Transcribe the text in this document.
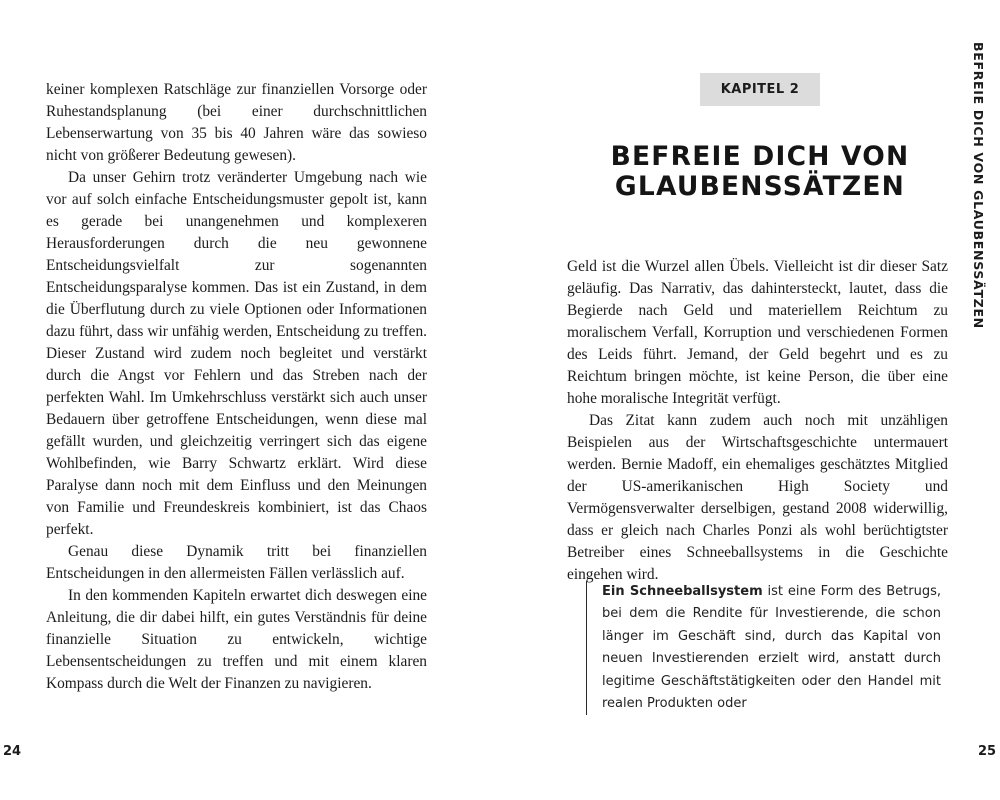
keiner komplexen Ratschläge zur finanziellen Vorsorge oder Ruhestandsplanung (bei einer durchschnittlichen Lebenserwartung von 35 bis 40 Jahren wäre das sowieso nicht von größerer Bedeutung gewesen).

Da unser Gehirn trotz veränderter Umgebung nach wie vor auf solch einfache Entscheidungsmuster gepolt ist, kann es gerade bei unangenehmen und komplexeren Herausforderungen durch die neu gewonnene Entscheidungsvielfalt zur sogenannten Entscheidungsparalyse kommen. Das ist ein Zustand, in dem die Überflutung durch zu viele Optionen oder Informationen dazu führt, dass wir unfähig werden, Entscheidung zu treffen. Dieser Zustand wird zudem noch begleitet und verstärkt durch die Angst vor Fehlern und das Streben nach der perfekten Wahl. Im Umkehrschluss verstärkt sich auch unser Bedauern über getroffene Entscheidungen, wenn diese mal gefällt wurden, und gleichzeitig verringert sich das eigene Wohlbefinden, wie Barry Schwartz erklärt. Wird diese Paralyse dann noch mit dem Einfluss und den Meinungen von Familie und Freundeskreis kombiniert, ist das Chaos perfekt.

Genau diese Dynamik tritt bei finanziellen Entscheidungen in den allermeisten Fällen verlässlich auf.

In den kommenden Kapiteln erwartet dich deswegen eine Anleitung, die dir dabei hilft, ein gutes Verständnis für deine finanzielle Situation zu entwickeln, wichtige Lebensentscheidungen zu treffen und mit einem klaren Kompass durch die Welt der Finanzen zu navigieren.

24
KAPITEL 2
BEFREIE DICH VON
GLAUBENSSÄTZEN

Geld ist die Wurzel allen Übels. Vielleicht ist dir dieser Satz geläufig. Das Narrativ, das dahintersteckt, lautet, dass die Begierde nach Geld und materiellem Reichtum zu moralischem Verfall, Korruption und verschiedenen Formen des Leids führt. Jemand, der Geld begehrt und es zu Reichtum bringen möchte, ist keine Person, die über eine hohe moralische Integrität verfügt.

Das Zitat kann zudem auch noch mit unzähligen Beispielen aus der Wirtschaftsgeschichte untermauert werden. Bernie Madoff, ein ehemaliges geschätztes Mitglied der US-amerikanischen High Society und Vermögensverwalter derselbigen, gestand 2008 widerwillig, dass er gleich nach Charles Ponzi als wohl berüchtigtster Betreiber eines Schneeballsystems in die Geschichte eingehen wird.

Ein Schneeballsystem ist eine Form des Betrugs, bei dem die Rendite für Investierende, die schon länger im Geschäft sind, durch das Kapital von neuen Investierenden erzielt wird, anstatt durch legitime Geschäftstätigkeiten oder den Handel mit realen Produkten oder
BEFREIE DICH VON GLAUBENSSÄTZEN
25
